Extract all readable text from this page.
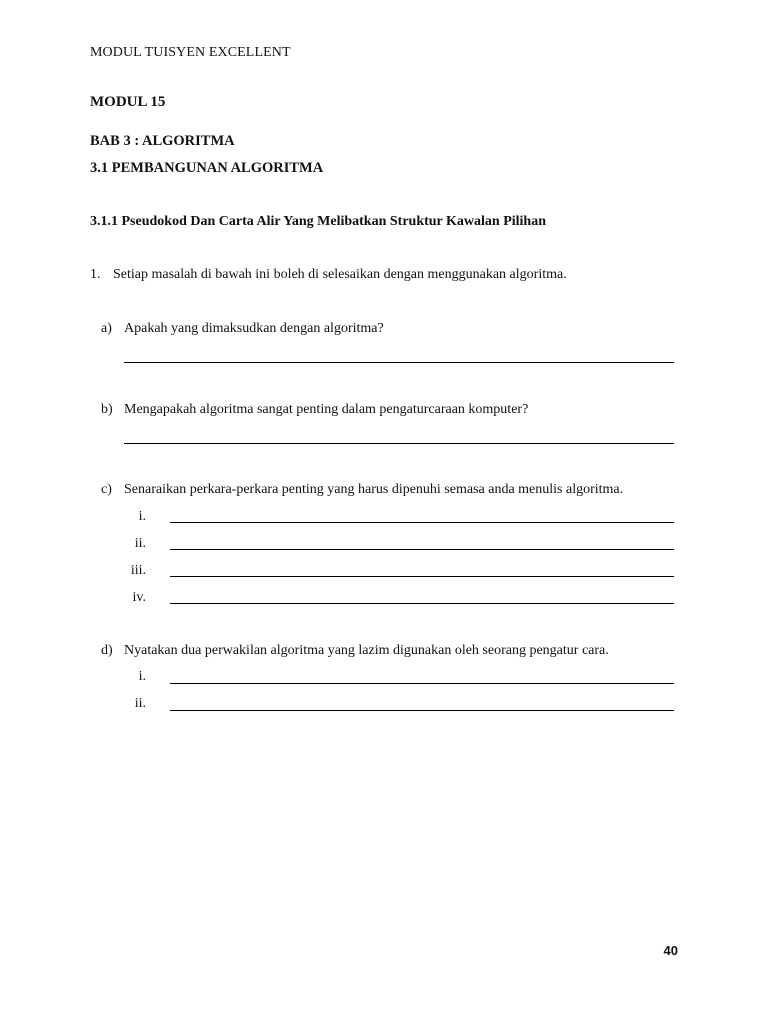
MODUL TUISYEN EXCELLENT
MODUL 15
BAB 3 : ALGORITMA
3.1 PEMBANGUNAN ALGORITMA
3.1.1 Pseudokod Dan Carta Alir Yang Melibatkan Struktur Kawalan Pilihan
1. Setiap masalah di bawah ini boleh di selesaikan dengan menggunakan algoritma.
a) Apakah yang dimaksudkan dengan algoritma?
b) Mengapakah algoritma sangat penting dalam pengaturcaraan komputer?
c) Senaraikan perkara-perkara penting yang harus dipenuhi semasa anda menulis algoritma.
i.
ii.
iii.
iv.
d) Nyatakan dua perwakilan algoritma yang lazim digunakan oleh seorang pengatur cara.
i.
ii.
40
